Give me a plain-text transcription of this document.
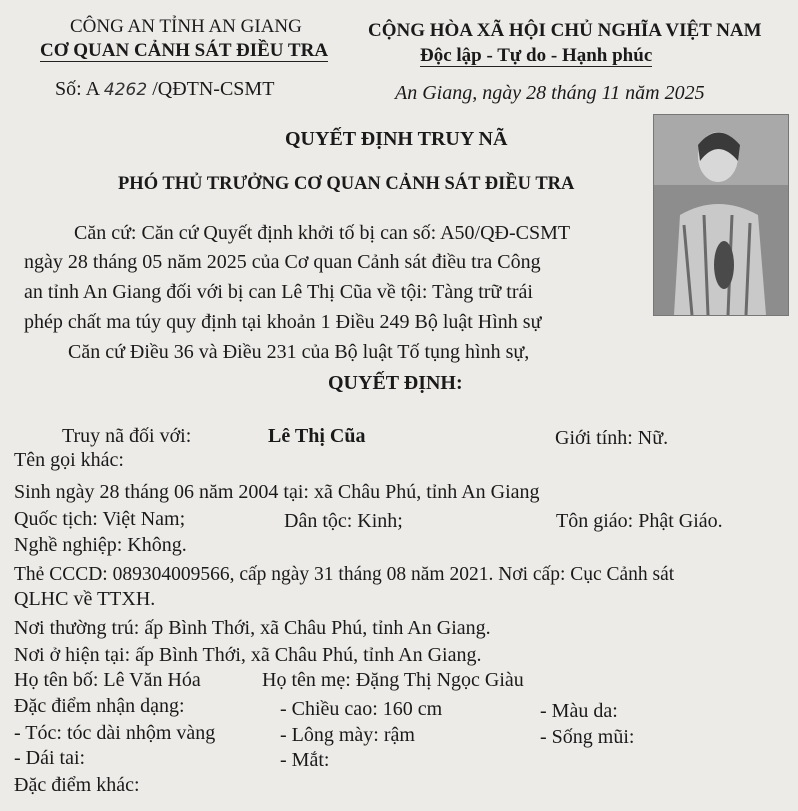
CÔNG AN TỈNH AN GIANG
CƠ QUAN CẢNH SÁT ĐIỀU TRA
Số: A 4262 /QĐTN-CSMT
CỘNG HÒA XÃ HỘI CHỦ NGHĨA VIỆT NAM
Độc lập - Tự do - Hạnh phúc
An Giang, ngày 28 tháng 11 năm 2025
QUYẾT ĐỊNH TRUY NÃ
PHÓ THỦ TRƯỞNG CƠ QUAN CẢNH SÁT ĐIỀU TRA
Căn cứ: Căn cứ Quyết định khởi tố bị can số: A50/QĐ-CSMT
ngày 28 tháng 05 năm 2025 của Cơ quan Cảnh sát điều tra Công
an tỉnh An Giang đối với bị can Lê Thị Cũa về tội: Tàng trữ trái
phép chất ma túy quy định tại khoản 1 Điều 249 Bộ luật Hình sự
Căn cứ Điều 36 và Điều 231 của Bộ luật Tố tụng hình sự,
QUYẾT ĐỊNH:
Truy nã đối với:	Lê Thị Cũa	Giới tính: Nữ.
Tên gọi khác:
Sinh ngày 28 tháng 06 năm 2004 tại: xã Châu Phú, tỉnh An Giang
Quốc tịch: Việt Nam;	Dân tộc: Kinh;	Tôn giáo: Phật Giáo.
Nghề nghiệp: Không.
Thẻ CCCD: 089304009566, cấp ngày 31 tháng 08 năm 2021. Nơi cấp: Cục Cảnh sát
QLHC về TTXH.
Nơi thường trú: ấp Bình Thới, xã Châu Phú, tỉnh An Giang.
Nơi ở hiện tại: ấp Bình Thới, xã Châu Phú, tỉnh An Giang.
Họ tên bố: Lê Văn Hóa	Họ tên mẹ: Đặng Thị Ngọc Giàu
Đặc điểm nhận dạng:	- Chiều cao: 160 cm	- Màu da:
- Tóc: tóc dài nhộm vàng	- Lông mày: rậm	- Sống mũi:
- Dái tai:	- Mắt:
Đặc điểm khác:
